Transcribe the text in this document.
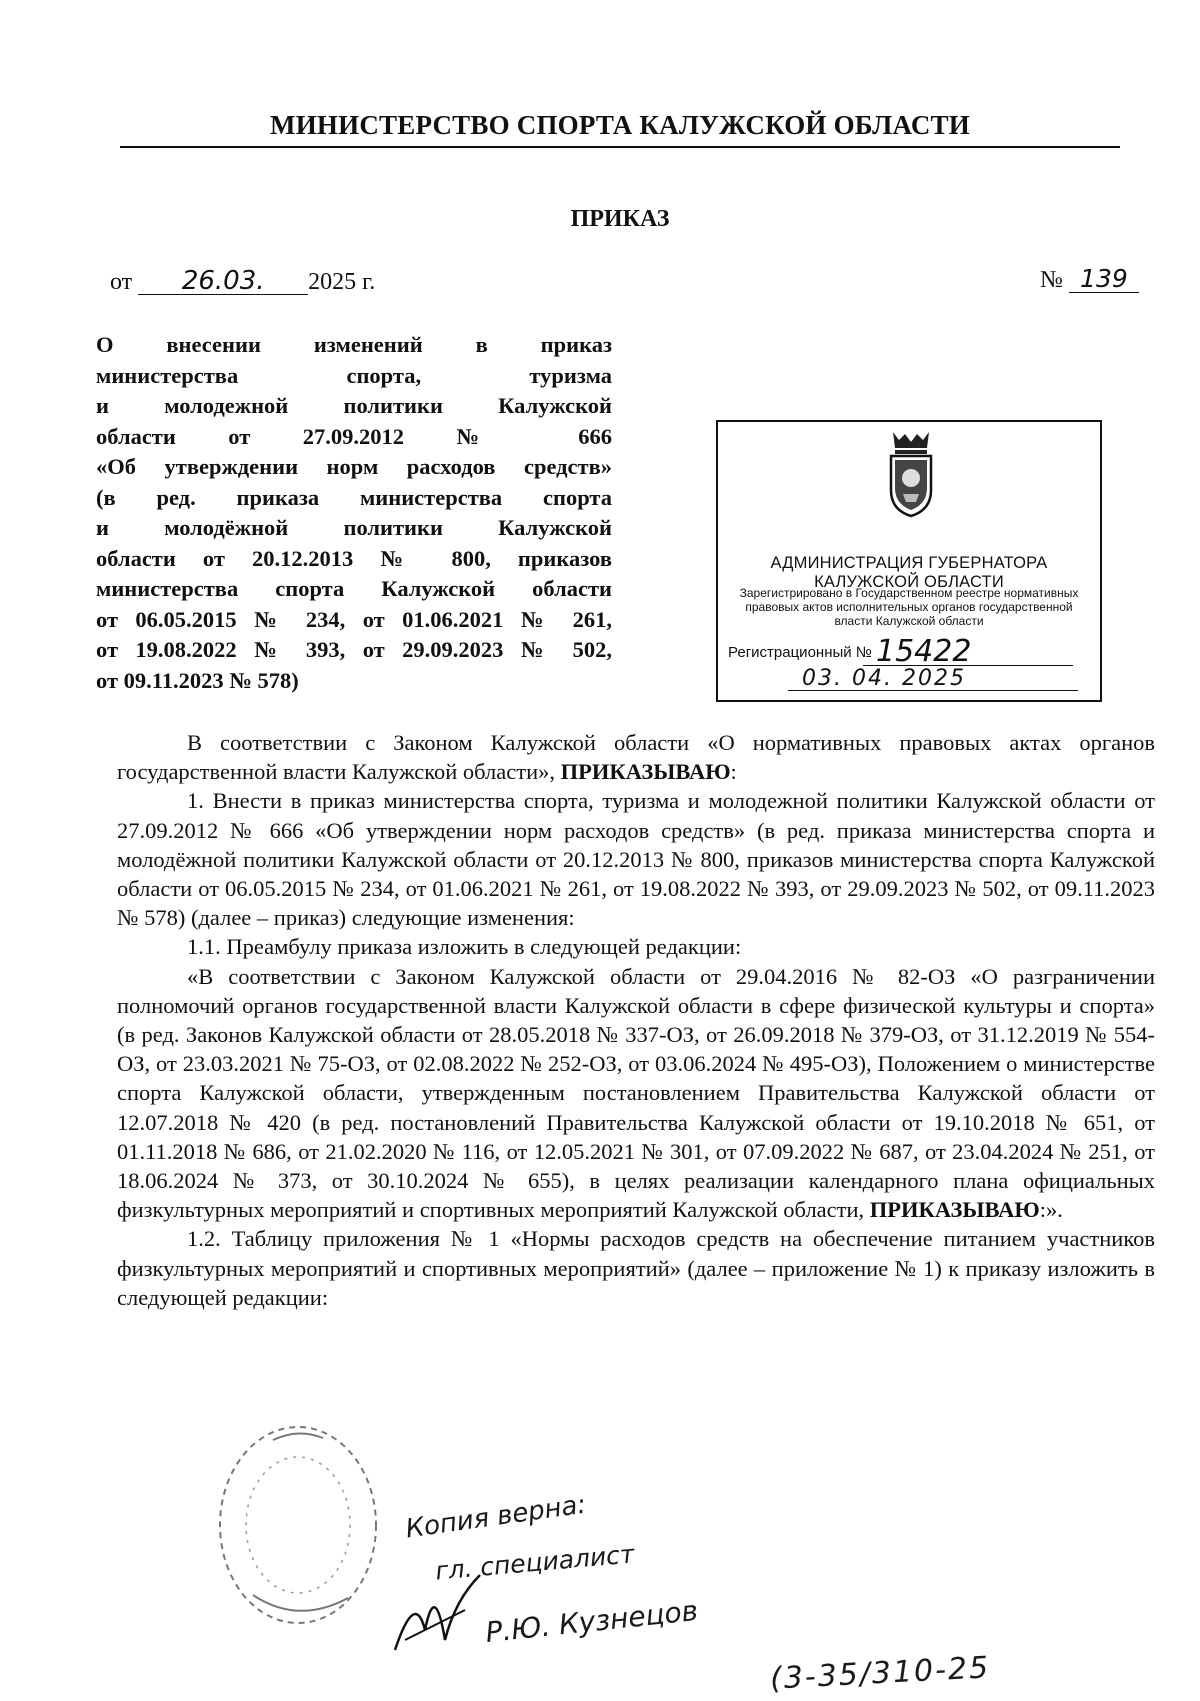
МИНИСТЕРСТВО СПОРТА КАЛУЖСКОЙ ОБЛАСТИ
ПРИКАЗ
от 26.03. 2025 г.	№ 139
О внесении изменений в приказ
министерства спорта, туризма
и молодежной политики Калужской
области от 27.09.2012 № 666
«Об утверждении норм расходов средств»
(в ред. приказа министерства спорта
и молодёжной политики Калужской
области от 20.12.2013 № 800, приказов
министерства спорта Калужской области
от 06.05.2015 № 234, от 01.06.2021 № 261,
от 19.08.2022 № 393, от 29.09.2023 № 502,
от 09.11.2023 № 578)
АДМИНИСТРАЦИЯ ГУБЕРНАТОРА КАЛУЖСКОЙ ОБЛАСТИ
Зарегистрировано в Государственном реестре нормативных правовых актов исполнительных органов государственной власти Калужской области
Регистрационный № 15422
03. 04. 2025

В соответствии с Законом Калужской области «О нормативных правовых актах органов государственной власти Калужской области», ПРИКАЗЫВАЮ:

1. Внести в приказ министерства спорта, туризма и молодежной политики Калужской области от 27.09.2012 № 666 «Об утверждении норм расходов средств» (в ред. приказа министерства спорта и молодёжной политики Калужской области от 20.12.2013 № 800, приказов министерства спорта Калужской области от 06.05.2015 № 234, от 01.06.2021 № 261, от 19.08.2022 № 393, от 29.09.2023 № 502, от 09.11.2023 № 578) (далее – приказ) следующие изменения:

1.1. Преамбулу приказа изложить в следующей редакции:

«В соответствии с Законом Калужской области от 29.04.2016 № 82-ОЗ «О разграничении полномочий органов государственной власти Калужской области в сфере физической культуры и спорта» (в ред. Законов Калужской области от 28.05.2018 № 337-ОЗ, от 26.09.2018 № 379-ОЗ, от 31.12.2019 № 554-ОЗ, от 23.03.2021 № 75-ОЗ, от 02.08.2022 № 252-ОЗ, от 03.06.2024 № 495-ОЗ), Положением о министерстве спорта Калужской области, утвержденным постановлением Правительства Калужской области от 12.07.2018 № 420 (в ред. постановлений Правительства Калужской области от 19.10.2018 № 651, от 01.11.2018 № 686, от 21.02.2020 № 116, от 12.05.2021 № 301, от 07.09.2022 № 687, от 23.04.2024 № 251, от 18.06.2024 № 373, от 30.10.2024 № 655), в целях реализации календарного плана официальных физкультурных мероприятий и спортивных мероприятий Калужской области, ПРИКАЗЫВАЮ:».

1.2. Таблицу приложения № 1 «Нормы расходов средств на обеспечение питанием участников физкультурных мероприятий и спортивных мероприятий» (далее – приложение № 1) к приказу изложить в следующей редакции:

Копия верна:
гл. специалист
Р.Ю. Кузнецов
(3-35/310-25
